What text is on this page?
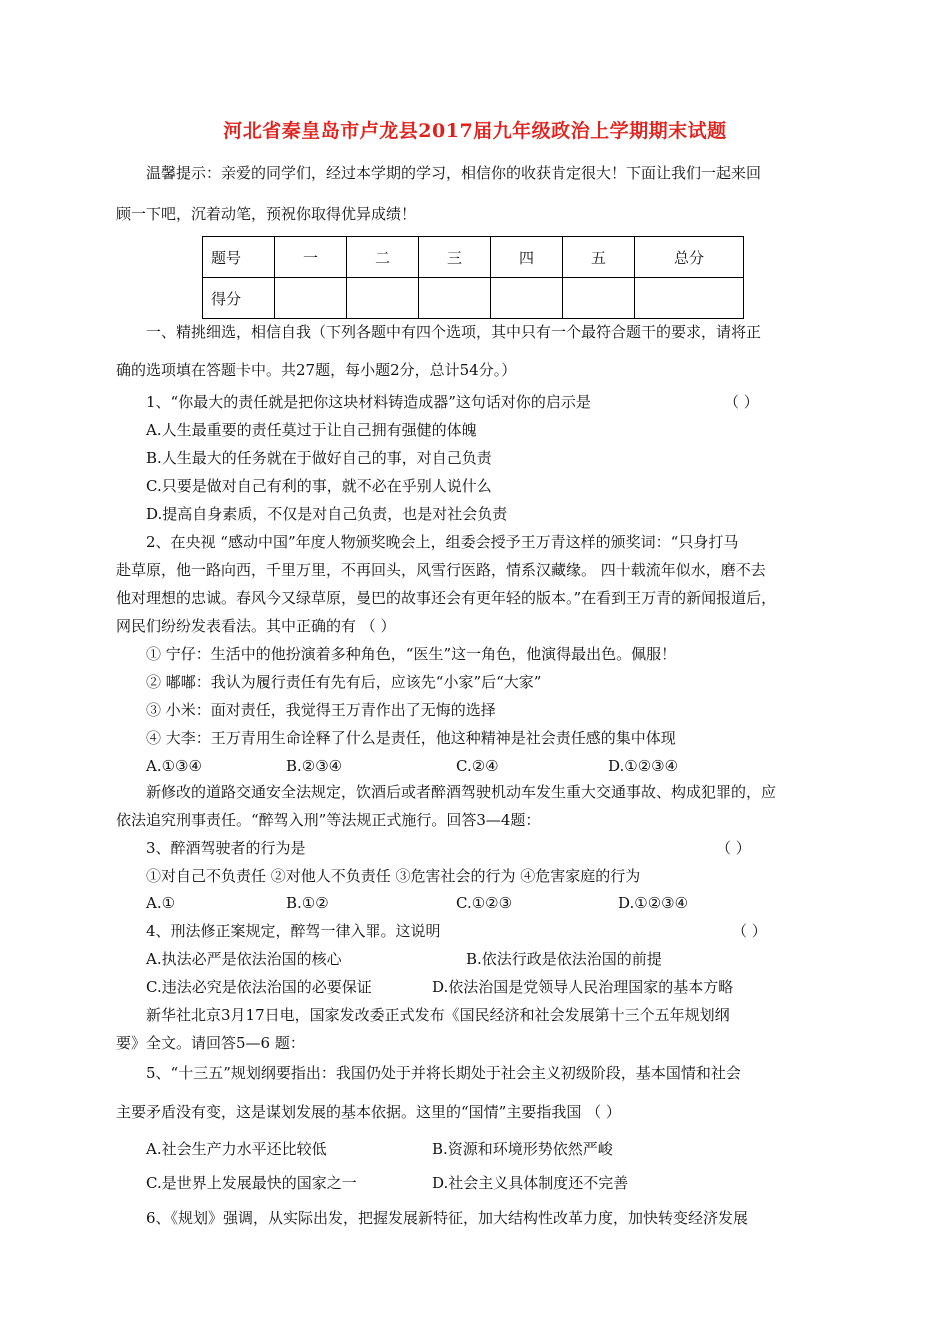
河北省秦皇岛市卢龙县2017届九年级政治上学期期末试题
温馨提示：亲爱的同学们，经过本学期的学习，相信你的收获肯定很大！下面让我们一起来回
顾一下吧，沉着动笔，预祝你取得优异成绩！
题号	一	二	三	四	五	总分
得分						
一、精挑细选，相信自我（下列各题中有四个选项，其中只有一个最符合题干的要求，请将正
确的选项填在答题卡中。共27题，每小题2分，总计54分。）
1、“你最大的责任就是把你这块材料铸造成器”这句话对你的启示是	（ ）
A.人生最重要的责任莫过于让自己拥有强健的体魄
B.人生最大的任务就在于做好自己的事，对自己负责
C.只要是做对自己有利的事，就不必在乎别人说什么
D.提高自身素质，不仅是对自己负责，也是对社会负责
2、在央视 “感动中国”年度人物颁奖晚会上，组委会授予王万青这样的颁奖词：“只身打马
赴草原，他一路向西，千里万里，不再回头，风雪行医路，情系汉藏缘。 四十载流年似水，磨不去
他对理想的忠诚。春风今又绿草原，曼巴的故事还会有更年轻的版本。”在看到王万青的新闻报道后，
网民们纷纷发表看法。其中正确的有 （ ）
① 宁仔：生活中的他扮演着多种角色，“医生”这一角色，他演得最出色。佩服！
② 嘟嘟：我认为履行责任有先有后，应该先“小家”后“大家”
③ 小米：面对责任，我觉得王万青作出了无悔的选择
④ 大李：王万青用生命诠释了什么是责任，他这种精神是社会责任感的集中体现
A.①③④	B.②③④	C.②④	D.①②③④
新修改的道路交通安全法规定，饮酒后或者醉酒驾驶机动车发生重大交通事故、构成犯罪的，应
依法追究刑事责任。“醉驾入刑”等法规正式施行。回答3—4题：
3、醉酒驾驶者的行为是	（ ）
①对自己不负责任 ②对他人不负责任 ③危害社会的行为 ④危害家庭的行为
A.①	B.①②	C.①②③	D.①②③④
4、刑法修正案规定，醉驾一律入罪。这说明	（ ）
A.执法必严是依法治国的核心	B.依法行政是依法治国的前提
C.违法必究是依法治国的必要保证	D.依法治国是党领导人民治理国家的基本方略
新华社北京3月17日电，国家发改委正式发布《国民经济和社会发展第十三个五年规划纲
要》全文。请回答5—6 题：
5、“十三五”规划纲要指出：我国仍处于并将长期处于社会主义初级阶段，基本国情和社会
主要矛盾没有变，这是谋划发展的基本依据。这里的“国情”主要指我国 （ ）
A.社会生产力水平还比较低	B.资源和环境形势依然严峻
C.是世界上发展最快的国家之一	D.社会主义具体制度还不完善
6、《规划》强调，从实际出发，把握发展新特征，加大结构性改革力度，加快转变经济发展
